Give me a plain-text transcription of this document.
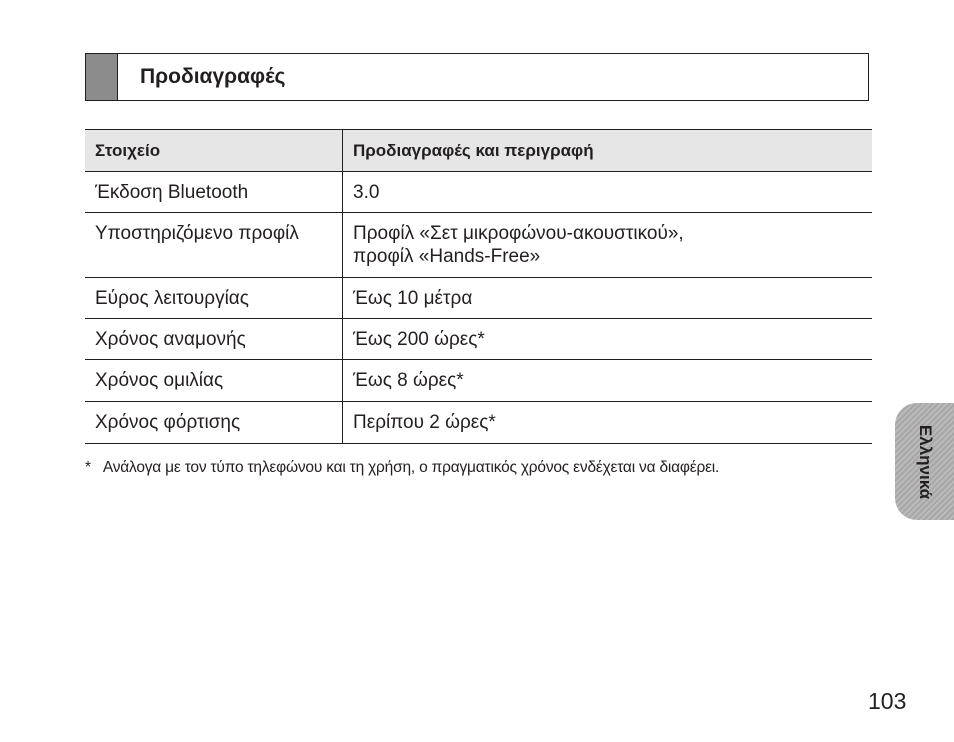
Προδιαγραφές
Στοιχείο	Προδιαγραφές και περιγραφή
Έκδοση Bluetooth	3.0
Υποστηριζόμενο προφίλ	Προφίλ «Σετ μικροφώνου-ακουστικού»,
προφίλ «Hands-Free»
Εύρος λειτουργίας	Έως 10 μέτρα
Χρόνος αναμονής	Έως 200 ώρες*
Χρόνος ομιλίας	Έως 8 ώρες*
Χρόνος φόρτισης	Περίπου 2 ώρες*
* Ανάλογα με τον τύπο τηλεφώνου και τη χρήση, ο πραγματικός χρόνος ενδέχεται να διαφέρει.	Ελληνικά
103
